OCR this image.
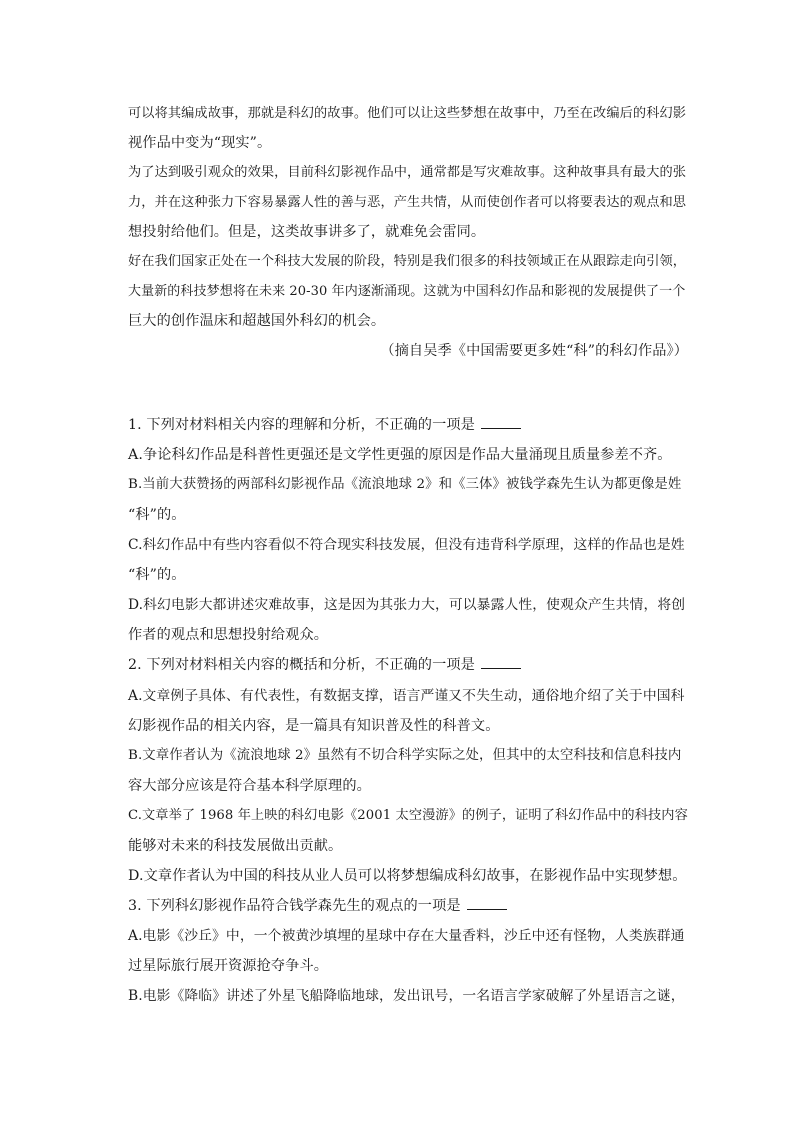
可以将其编成故事，那就是科幻的故事。他们可以让这些梦想在故事中，乃至在改编后的科幻影
视作品中变为“现实”。
为了达到吸引观众的效果，目前科幻影视作品中，通常都是写灾难故事。这种故事具有最大的张
力，并在这种张力下容易暴露人性的善与恶，产生共情，从而使创作者可以将要表达的观点和思
想投射给他们。但是，这类故事讲多了，就难免会雷同。
好在我们国家正处在一个科技大发展的阶段，特别是我们很多的科技领域正在从跟踪走向引领，
大量新的科技梦想将在未来 20-30 年内逐渐涌现。这就为中国科幻作品和影视的发展提供了一个
巨大的创作温床和超越国外科幻的机会。
（摘自吴季《中国需要更多姓“科”的科幻作品》）
1. 下列对材料相关内容的理解和分析，不正确的一项是
A.争论科幻作品是科普性更强还是文学性更强的原因是作品大量涌现且质量参差不齐。
B.当前大获赞扬的两部科幻影视作品《流浪地球 2》和《三体》被钱学森先生认为都更像是姓
“科”的。
C.科幻作品中有些内容看似不符合现实科技发展，但没有违背科学原理，这样的作品也是姓
“科”的。
D.科幻电影大都讲述灾难故事，这是因为其张力大，可以暴露人性，使观众产生共情，将创
作者的观点和思想投射给观众。
2. 下列对材料相关内容的概括和分析，不正确的一项是
A.文章例子具体、有代表性，有数据支撑，语言严谨又不失生动，通俗地介绍了关于中国科
幻影视作品的相关内容，是一篇具有知识普及性的科普文。
B.文章作者认为《流浪地球 2》虽然有不切合科学实际之处，但其中的太空科技和信息科技内
容大部分应该是符合基本科学原理的。
C.文章举了 1968 年上映的科幻电影《2001 太空漫游》的例子，证明了科幻作品中的科技内容
能够对未来的科技发展做出贡献。
D.文章作者认为中国的科技从业人员可以将梦想编成科幻故事，在影视作品中实现梦想。
3. 下列科幻影视作品符合钱学森先生的观点的一项是
A.电影《沙丘》中，一个被黄沙填埋的星球中存在大量香料，沙丘中还有怪物，人类族群通
过星际旅行展开资源抢夺争斗。
B.电影《降临》讲述了外星飞船降临地球，发出讯号，一名语言学家破解了外星语言之谜，
